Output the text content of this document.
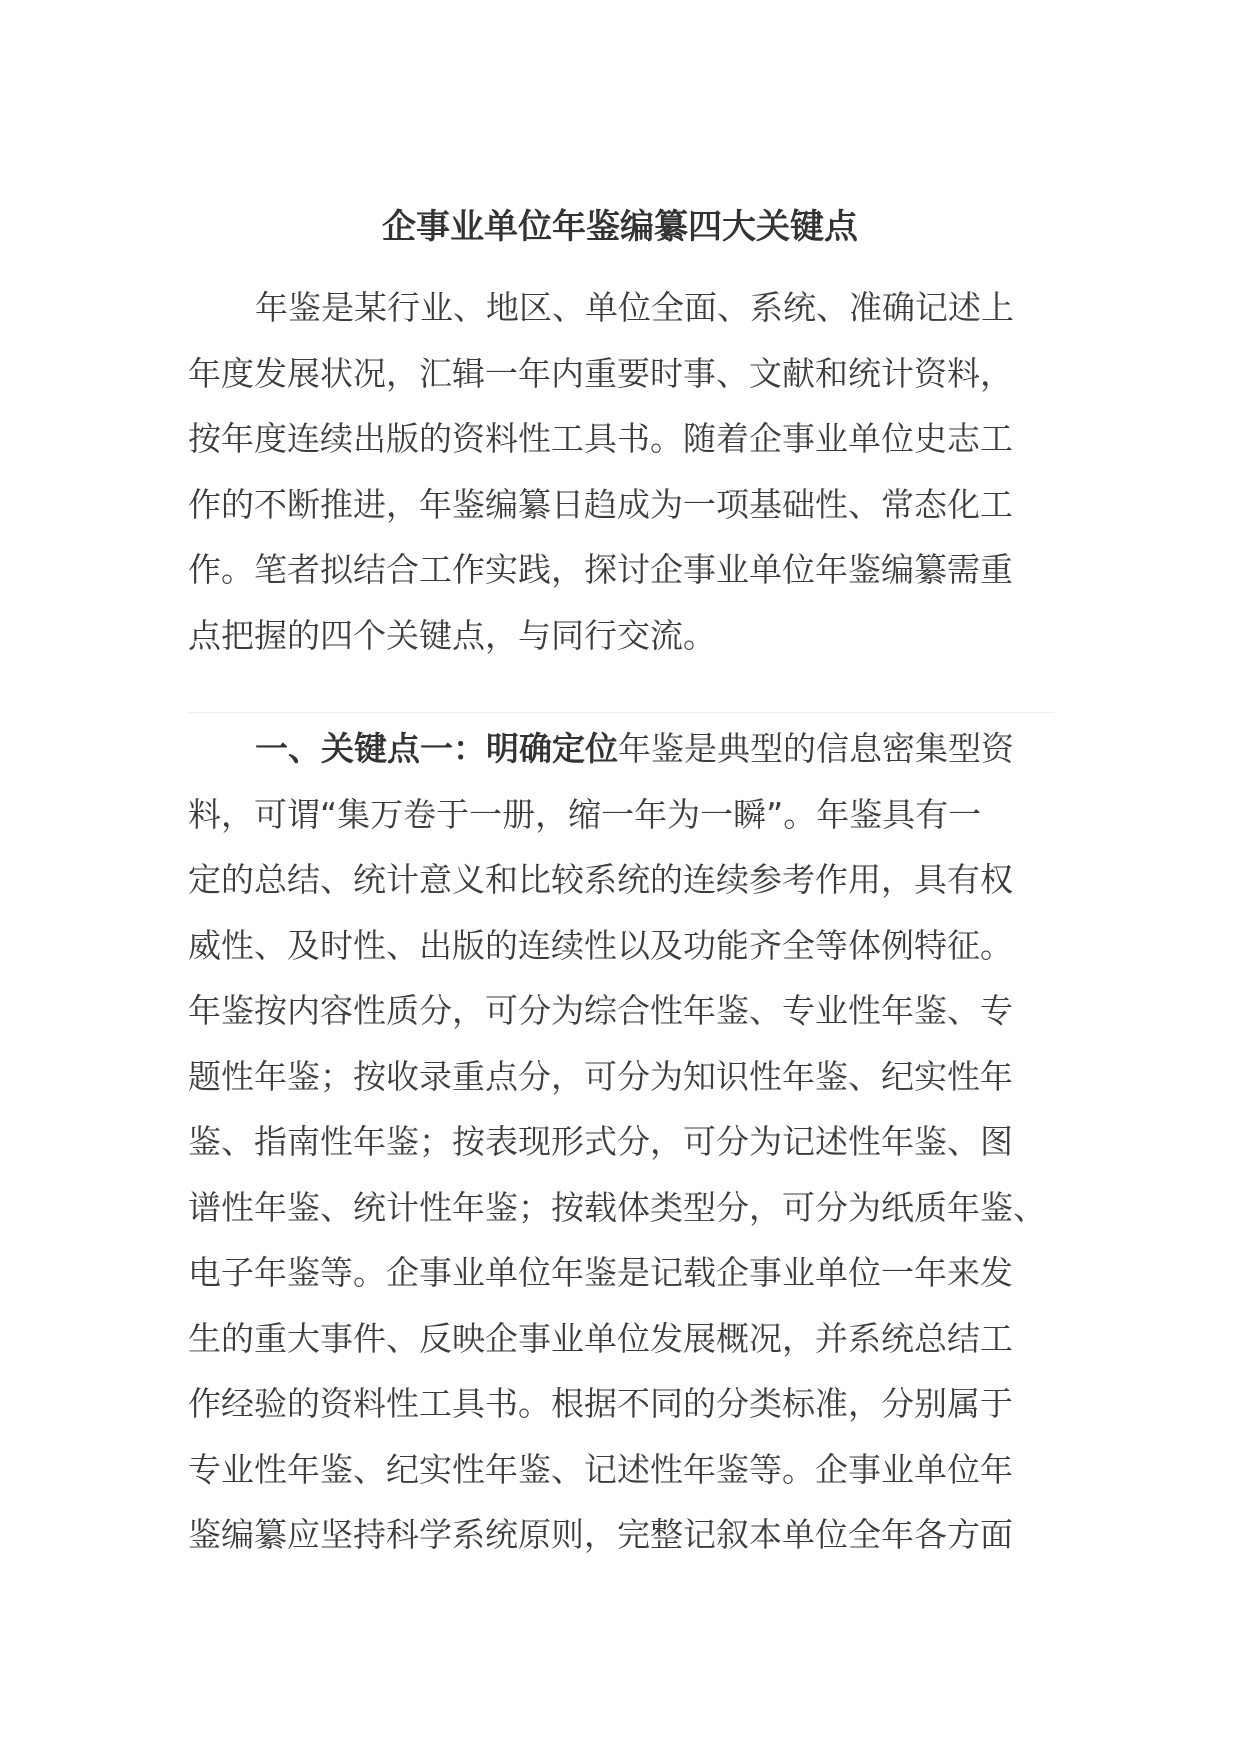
企事业单位年鉴编纂四大关键点
年鉴是某行业、地区、单位全面、系统、准确记述上
年度发展状况，汇辑一年内重要时事、文献和统计资料，
按年度连续出版的资料性工具书。随着企事业单位史志工
作的不断推进，年鉴编纂日趋成为一项基础性、常态化工
作。笔者拟结合工作实践，探讨企事业单位年鉴编纂需重
点把握的四个关键点，与同行交流。
一、关键点一：明确定位年鉴是典型的信息密集型资
料，可谓“集万卷于一册，缩一年为一瞬”。年鉴具有一
定的总结、统计意义和比较系统的连续参考作用，具有权
威性、及时性、出版的连续性以及功能齐全等体例特征。
年鉴按内容性质分，可分为综合性年鉴、专业性年鉴、专
题性年鉴；按收录重点分，可分为知识性年鉴、纪实性年
鉴、指南性年鉴；按表现形式分，可分为记述性年鉴、图
谱性年鉴、统计性年鉴；按载体类型分，可分为纸质年鉴、
电子年鉴等。企事业单位年鉴是记载企事业单位一年来发
生的重大事件、反映企事业单位发展概况，并系统总结工
作经验的资料性工具书。根据不同的分类标准，分别属于
专业性年鉴、纪实性年鉴、记述性年鉴等。企事业单位年
鉴编纂应坚持科学系统原则，完整记叙本单位全年各方面
